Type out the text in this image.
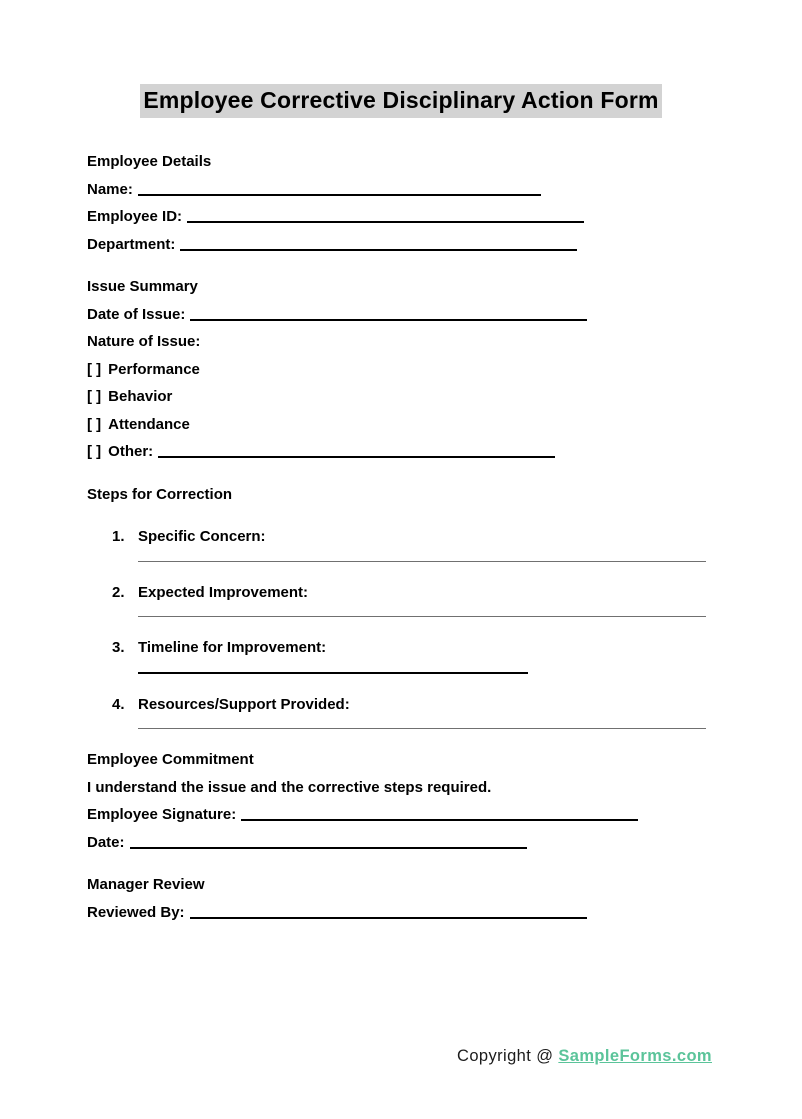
Employee Corrective Disciplinary Action Form

Employee Details

Name:

Employee ID:

Department:

Issue Summary

Date of Issue:

Nature of Issue:

[ ] Performance

[ ] Behavior

[ ] Attendance

[ ] Other:

Steps for Correction

1. Specific Concern:
2. Expected Improvement:
3. Timeline for Improvement:
4. Resources/Support Provided:

Employee Commitment

I understand the issue and the corrective steps required.

Employee Signature:

Date:

Manager Review

Reviewed By:

Copyright @ SampleForms.com
